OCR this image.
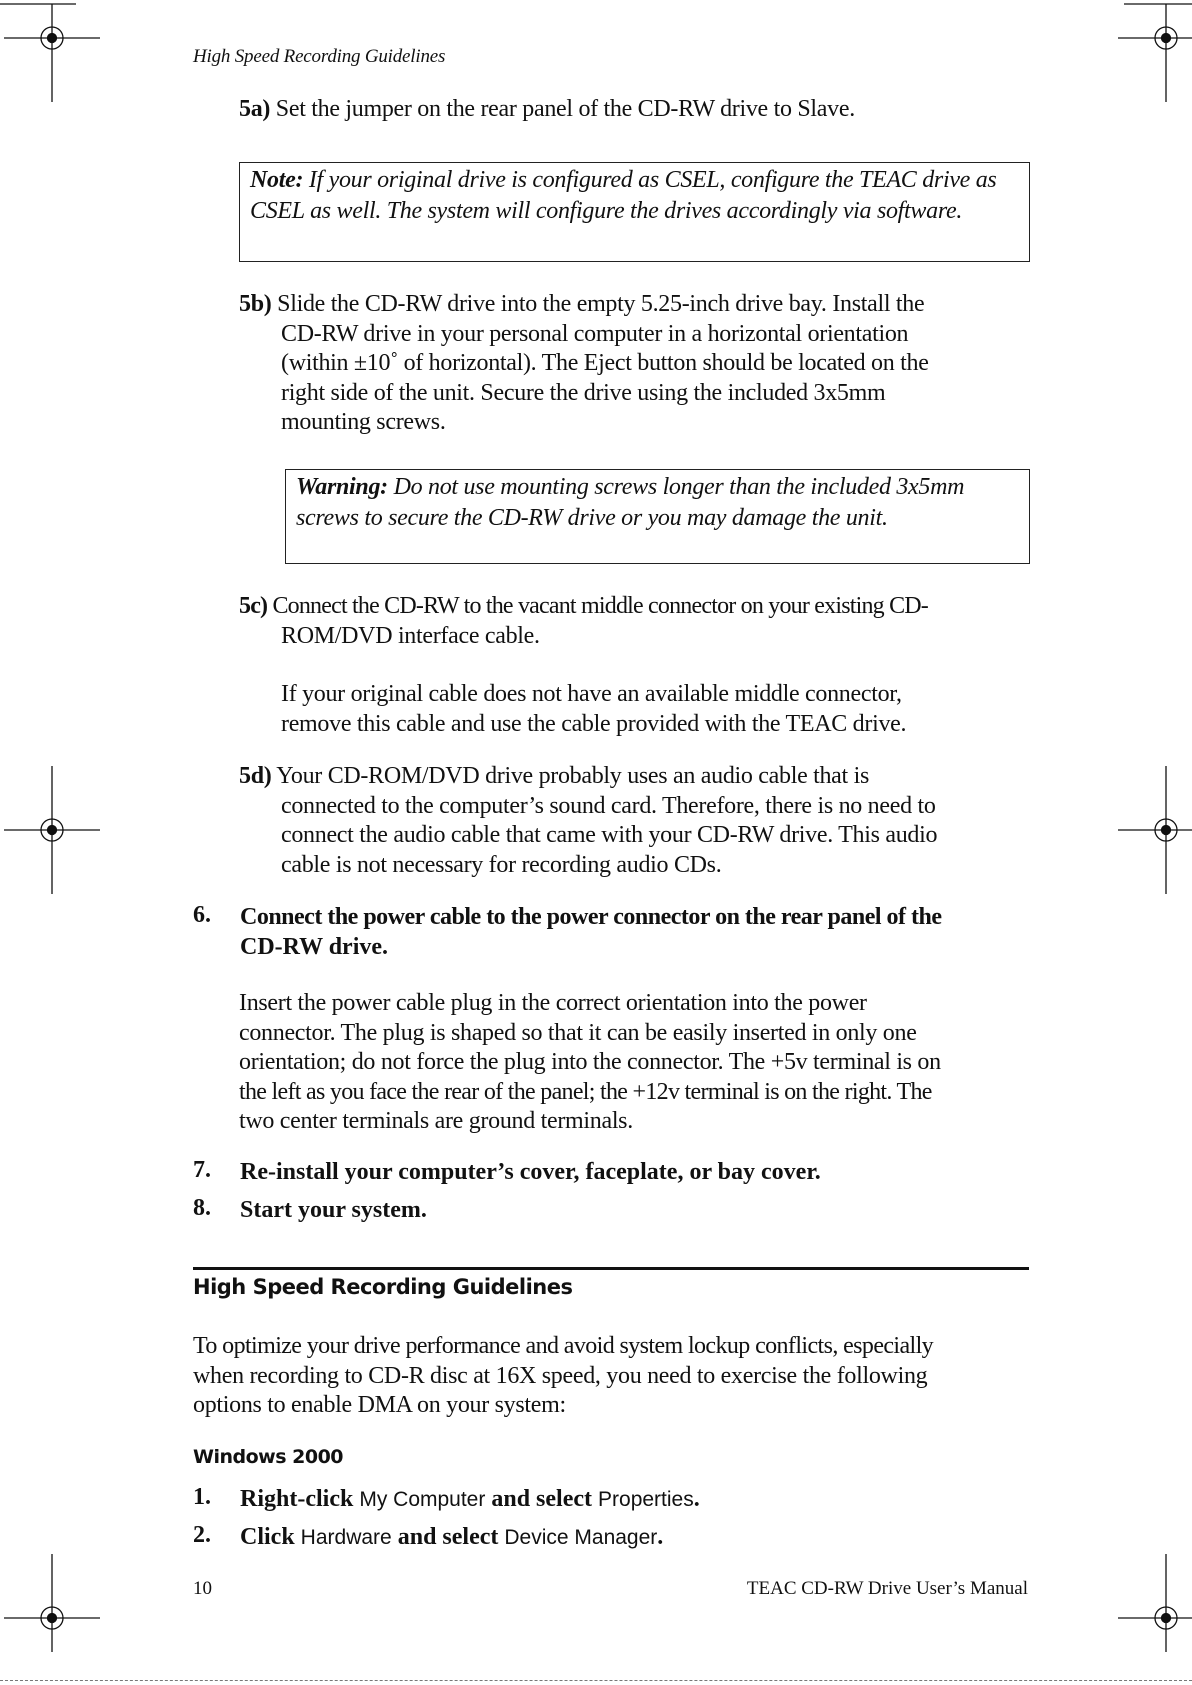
High Speed Recording Guidelines
5a) Set the jumper on the rear panel of the CD-RW drive to Slave.
Note: If your original drive is configured as CSEL, configure the TEAC drive as CSEL as well. The system will configure the drives accordingly via software.
5b) Slide the CD-RW drive into the empty 5.25-inch drive bay. Install the
CD-RW drive in your personal computer in a horizontal orientation
(within ±10˚ of horizontal). The Eject button should be located on the
right side of the unit. Secure the drive using the included 3x5mm
mounting screws.
Warning: Do not use mounting screws longer than the included 3x5mm screws to secure the CD-RW drive or you may damage the unit.
5c) Connect the CD-RW to the vacant middle connector on your existing CD-
ROM/DVD interface cable.
If your original cable does not have an available middle connector,
remove this cable and use the cable provided with the TEAC drive.
5d) Your CD-ROM/DVD drive probably uses an audio cable that is
connected to the computer’s sound card. Therefore, there is no need to
connect the audio cable that came with your CD-RW drive. This audio
cable is not necessary for recording audio CDs.
6. Connect the power cable to the power connector on the rear panel of the
CD-RW drive.
Insert the power cable plug in the correct orientation into the power
connector. The plug is shaped so that it can be easily inserted in only one
orientation; do not force the plug into the connector. The +5v terminal is on
the left as you face the rear of the panel; the +12v terminal is on the right. The
two center terminals are ground terminals.
7. Re-install your computer’s cover, faceplate, or bay cover.
8. Start your system.
High Speed Recording Guidelines
To optimize your drive performance and avoid system lockup conflicts, especially
when recording to CD-R disc at 16X speed, you need to exercise the following
options to enable DMA on your system:
Windows 2000
1. Right-click My Computer and select Properties.
2. Click Hardware and select Device Manager.
10	TEAC CD-RW Drive User’s Manual
